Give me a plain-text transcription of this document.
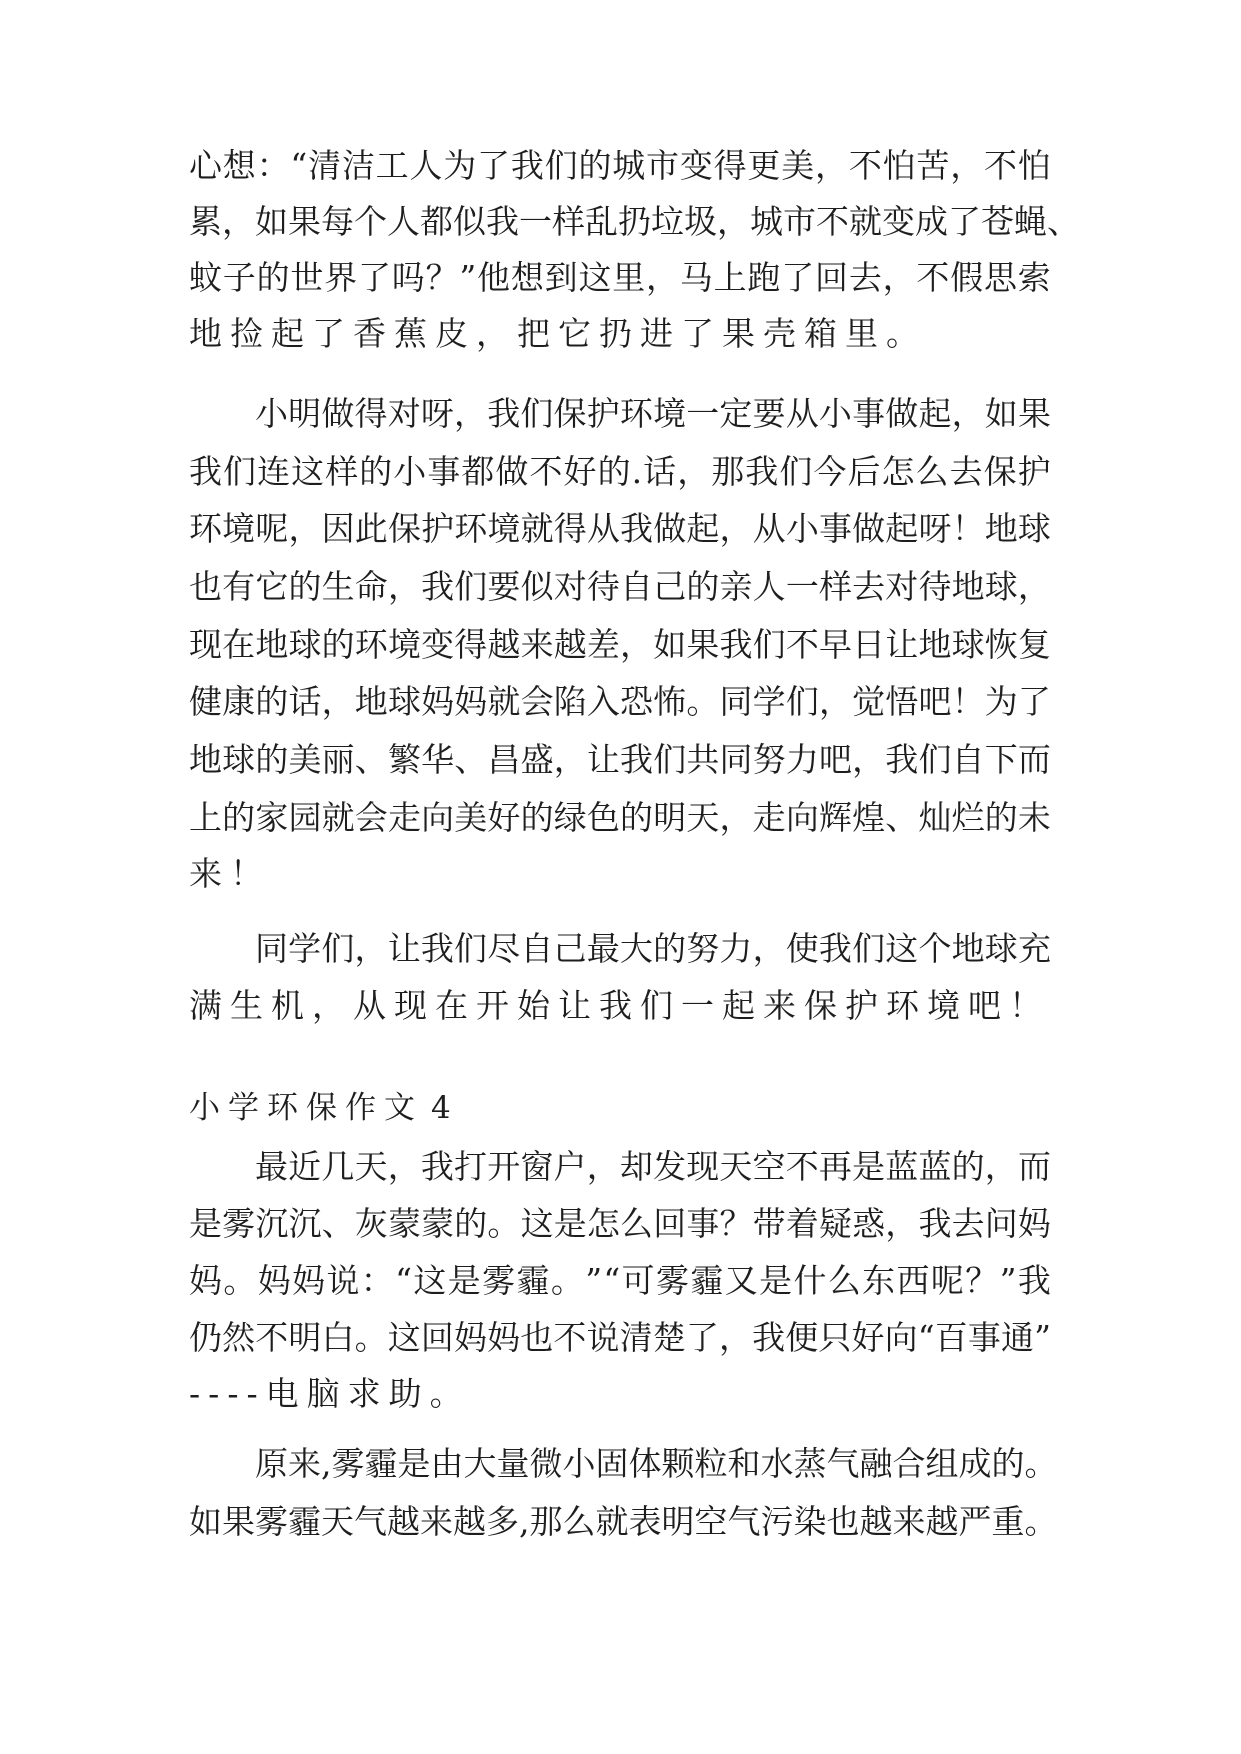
心 想 ： “ 清 洁 工 人 为 了 我 们 的 城 市 变 得 更 美 ， 不 怕 苦 ， 不 怕
累 ， 如 果 每 个 人 都 似 我 一 样 乱 扔 垃 圾 ， 城 市 不 就 变 成 了 苍 蝇 、
蚊 子 的 世 界 了 吗 ？ ” 他 想 到 这 里 ， 马 上 跑 了 回 去 ， 不 假 思 索
地 捡 起 了 香 蕉 皮 ， 把 它 扔 进 了 果 壳 箱 里 。
小 明 做 得 对 呀 ， 我 们 保 护 环 境 一 定 要 从 小 事 做 起 ， 如 果
我 们 连 这 样 的 小 事 都 做 不 好 的 . 话 ， 那 我 们 今 后 怎 么 去 保 护
环 境 呢 ， 因 此 保 护 环 境 就 得 从 我 做 起 ， 从 小 事 做 起 呀 ！ 地 球
也 有 它 的 生 命 ， 我 们 要 似 对 待 自 己 的 亲 人 一 样 去 对 待 地 球 ，
现 在 地 球 的 环 境 变 得 越 来 越 差 ， 如 果 我 们 不 早 日 让 地 球 恢 复
健 康 的 话 ， 地 球 妈 妈 就 会 陷 入 恐 怖 。 同 学 们 ， 觉 悟 吧 ！ 为 了
地 球 的 美 丽 、 繁 华 、 昌 盛 ， 让 我 们 共 同 努 力 吧 ， 我 们 自 下 而
上 的 家 园 就 会 走 向 美 好 的 绿 色 的 明 天 ， 走 向 辉 煌 、 灿 烂 的 未
来 ！
同 学 们 ， 让 我 们 尽 自 己 最 大 的 努 力 ， 使 我 们 这 个 地 球 充
满 生 机 ， 从 现 在 开 始 让 我 们 一 起 来 保 护 环 境 吧 ！
小 学 环 保 作 文 4
最 近 几 天 ， 我 打 开 窗 户 ， 却 发 现 天 空 不 再 是 蓝 蓝 的 ， 而
是 雾 沉 沉 、 灰 蒙 蒙 的 。 这 是 怎 么 回 事 ？ 带 着 疑 惑 ， 我 去 问 妈
妈 。 妈 妈 说 ： “ 这 是 雾 霾 。 ” “ 可 雾 霾 又 是 什 么 东 西 呢 ？ ” 我
仍 然 不 明 白 。 这 回 妈 妈 也 不 说 清 楚 了 ， 我 便 只 好 向 “ 百 事 通 ”
- - - - 电 脑 求 助 。
原 来 , 雾 霾 是 由 大 量 微 小 固 体 颗 粒 和 水 蒸 气 融 合 组 成 的 。
如 果 雾 霾 天 气 越 来 越 多 , 那 么 就 表 明 空 气 污 染 也 越 来 越 严 重 。
